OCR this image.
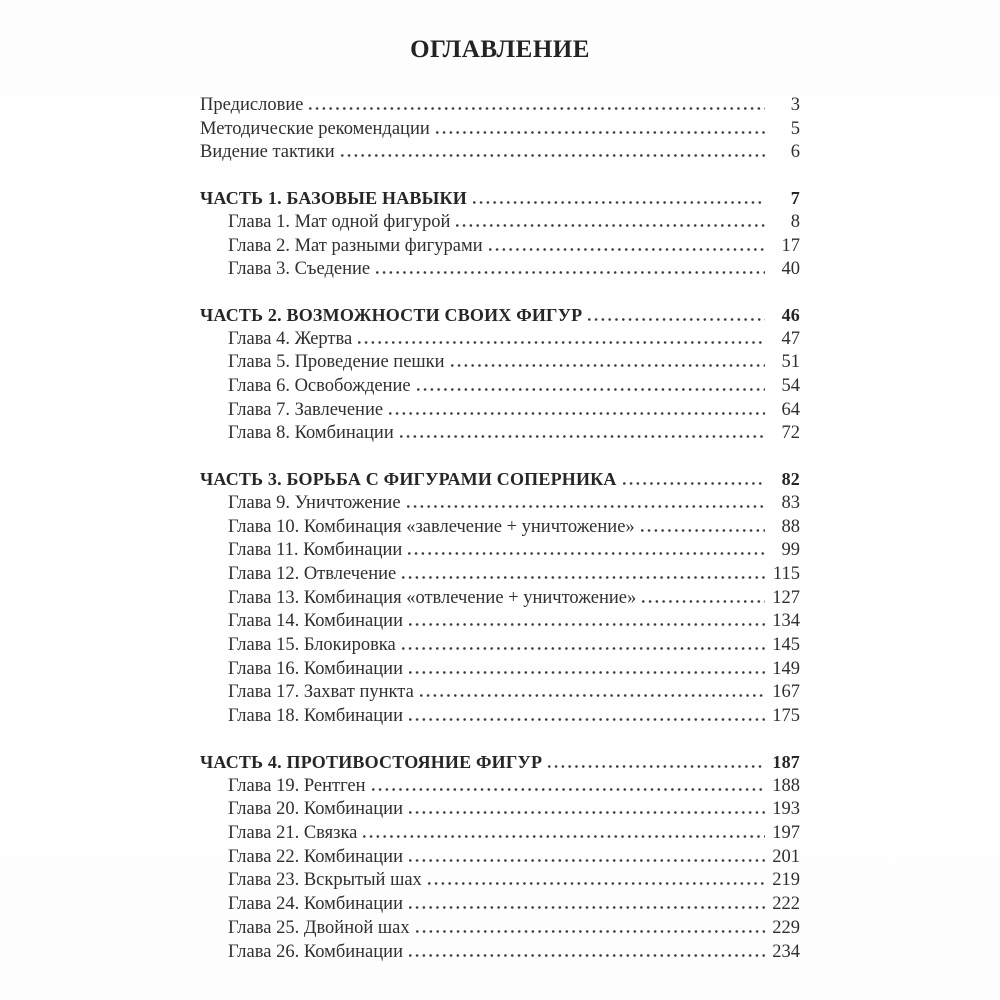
ОГЛАВЛЕНИЕ
Предисловие	3
Методические рекомендации	5
Видение тактики	6
ЧАСТЬ 1. БАЗОВЫЕ НАВЫКИ	7
Глава 1. Мат одной фигурой	8
Глава 2. Мат разными фигурами	17
Глава 3. Съедение	40
ЧАСТЬ 2. ВОЗМОЖНОСТИ СВОИХ ФИГУР	46
Глава 4. Жертва	47
Глава 5. Проведение пешки	51
Глава 6. Освобождение	54
Глава 7. Завлечение	64
Глава 8. Комбинации	72
ЧАСТЬ 3. БОРЬБА С ФИГУРАМИ СОПЕРНИКА	82
Глава 9. Уничтожение	83
Глава 10. Комбинация «завлечение + уничтожение»	88
Глава 11. Комбинации	99
Глава 12. Отвлечение	115
Глава 13. Комбинация «отвлечение + уничтожение»	127
Глава 14. Комбинации	134
Глава 15. Блокировка	145
Глава 16. Комбинации	149
Глава 17. Захват пункта	167
Глава 18. Комбинации	175
ЧАСТЬ 4. ПРОТИВОСТОЯНИЕ ФИГУР	187
Глава 19. Рентген	188
Глава 20. Комбинации	193
Глава 21. Связка	197
Глава 22. Комбинации	201
Глава 23. Вскрытый шах	219
Глава 24. Комбинации	222
Глава 25. Двойной шах	229
Глава 26. Комбинации	234
